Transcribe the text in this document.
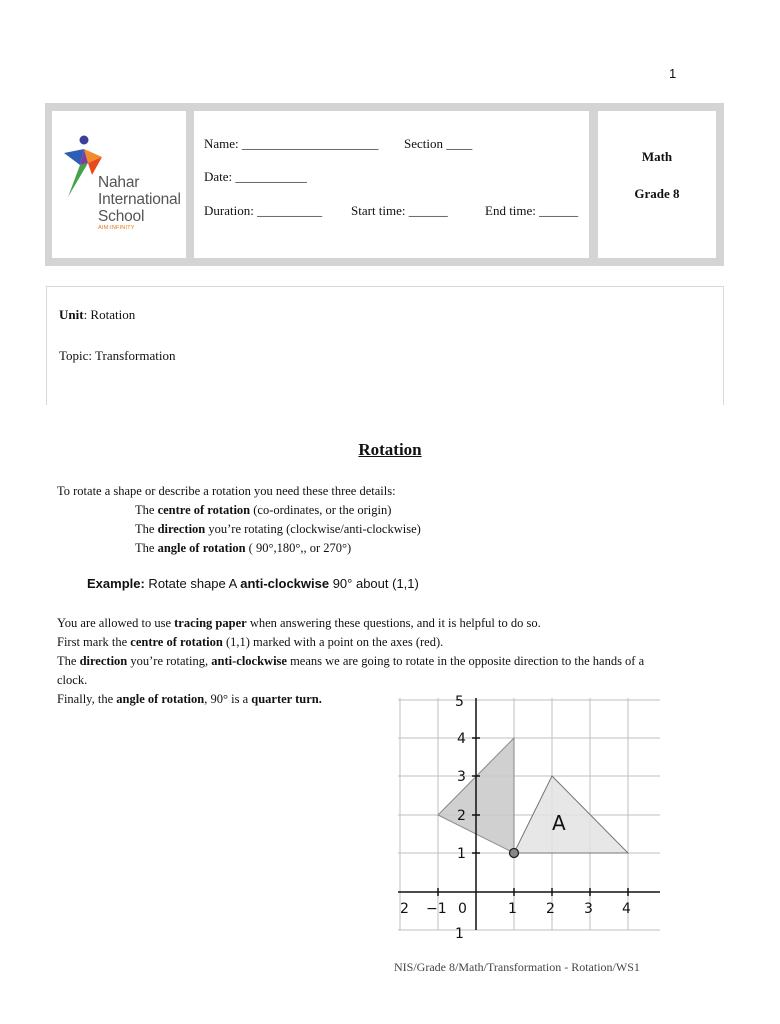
1
Nahar
International
School
AIM:INFINITY
Name: _____________________ Section ____
Date: ___________
Duration: __________ Start time: ______	End time: ______
Math
Grade 8
Unit: Rotation
Topic: Transformation
Rotation
To rotate a shape or describe a rotation you need these three details:
The centre of rotation (co-ordinates, or the origin)
The direction you’re rotating (clockwise/anti-clockwise)
The angle of rotation ( 90°,180°,, or 270°)
Example: Rotate shape A anti-clockwise 90° about (1,1)
You are allowed to use tracing paper when answering these questions, and it is helpful to do so.
First mark the centre of rotation (1,1) marked with a point on the axes (red).
The direction you’re rotating, anti-clockwise means we are going to rotate in the opposite direction to the hands of a
clock.
Finally, the angle of rotation, 90° is a quarter turn.	5
4
3
2
1
2 −1 0	1 2 3 4
1
A
NIS/Grade 8/Math/Transformation - Rotation/WS1
